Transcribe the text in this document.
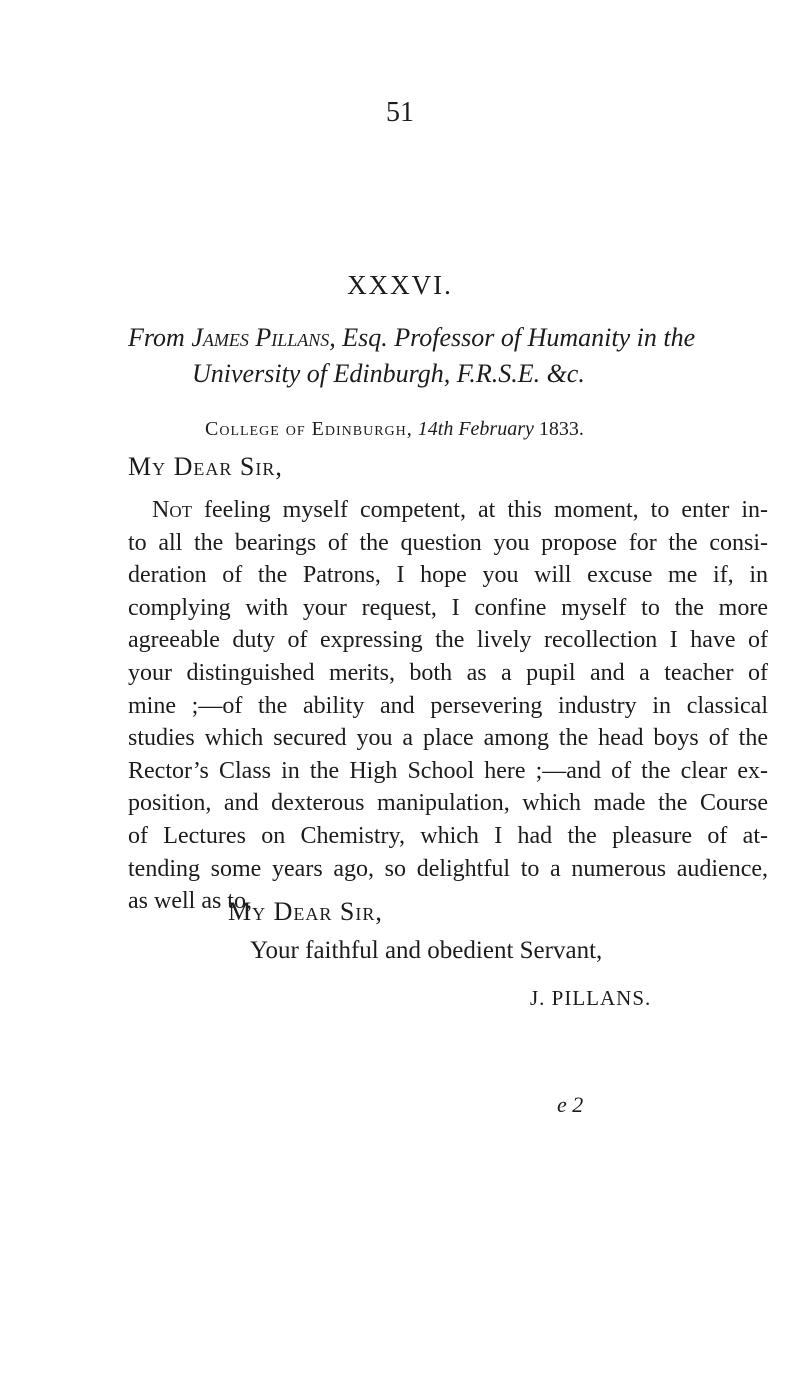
51
XXXVI.
From James Pillans, Esq. Professor of Humanity in the
University of Edinburgh, F.R.S.E. &c.
College of Edinburgh, 14th February 1833.
My Dear Sir,
Not feeling myself competent, at this moment, to enter in-
to all the bearings of the question you propose for the consi-
deration of the Patrons, I hope you will excuse me if, in
complying with your request, I confine myself to the more
agreeable duty of expressing the lively recollection I have of
your distinguished merits, both as a pupil and a teacher of
mine ;—of the ability and persevering industry in classical
studies which secured you a place among the head boys of the
Rector’s Class in the High School here ;—and of the clear ex-
position, and dexterous manipulation, which made the Course
of Lectures on Chemistry, which I had the pleasure of at-
tending some years ago, so delightful to a numerous audience,
as well as to,
My Dear Sir,
Your faithful and obedient Servant,
J. PILLANS.
e 2
